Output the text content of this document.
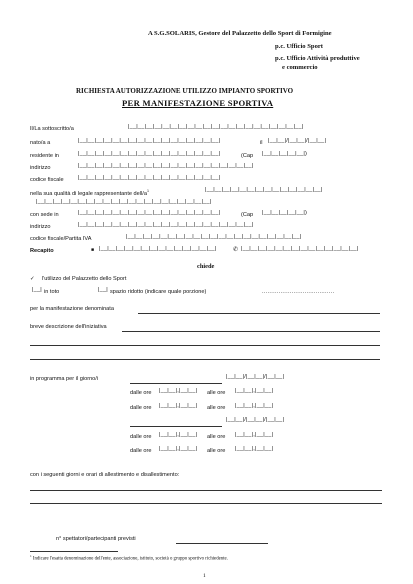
A S.G.SOLARIS, Gestore del Palazzetto dello Sport di Formigine
p.c. Ufficio Sport
p.c. Ufficio Attività produttive
e commercio
RICHIESTA AUTORIZZAZIONE UTILIZZO IMPIANTO SPORTIVO
PER MANIFESTAZIONE SPORTIVA
Il/La sottoscritto/a	|__|__|__|__|__|__|__|__|__|__|__|__|__|__|__|__|__|__|__|__|__|
nato/a a	|__|__|__|__|__|__|__|__|__|__|__|__|__|__|__|__|__|	il |__|__|/|__|__|/|__|__|
residente in	|__|__|__|__|__|__|__|__|__|__|__|__|__|__|__|__|__|	(Cap |__|__|__|__|__|)
indirizzo	|__|__|__|__|__|__|__|__|__|__|__|__|__|__|__|__|__|__|__|__|__|
codice fiscale	|__|__|__|__|__|__|__|__|__|__|__|__|__|__|__|__|__|
nella sua qualità di legale rappresentante dell/$a^1$	|__|__|__|__|__|__|__|__|__|__|__|__|__|__|
|__|__|__|__|__|__|__|__|__|__|__|__|__|__|__|__|__|__|__|__|__|
con sede in	|__|__|__|__|__|__|__|__|__|__|__|__|__|__|__|__|__|	(Cap |__|__|__|__|__|)
indirizzo	|__|__|__|__|__|__|__|__|__|__|__|__|__|__|__|__|__|__|__|__|__|
codice fiscale/Partita IVA	|__|__|__|__|__|__|__|__|__|__|__|__|__|__|__|__|__|__|__|__|__|
Recapito	■ |__|__|__|__|__|__|__|__|__|__|__|__|__|__|	✆ |__|__|__|__|__|__|__|__|__|__|__|__|__|__|
chiede
✓ l'utilizzo del Palazzetto dello Sport
|__| in toto	|__| spazio ridotto (indicare quale porzione)	.......................................
per la manifestazione denominata
breve descrizione dell'iniziativa
in programma per il giorno/i	|__|__|/|__|__|/|__|__|
dalle ore |__|__|,|__|__| alle ore |__|__|,|__|__|
dalle ore |__|__|,|__|__| alle ore |__|__|,|__|__|
|__|__|/|__|__|/|__|__|
dalle ore |__|__|,|__|__| alle ore |__|__|,|__|__|
dalle ore |__|__|,|__|__| alle ore |__|__|,|__|__|
con i seguenti giorni e orari di allestimento e disallestimento:
n° spettatori/partecipanti previsti
$^1$ Indicare l'esatta denominazione dell'ente, associazione, istituto, società o gruppo sportivo richiedente.
1
